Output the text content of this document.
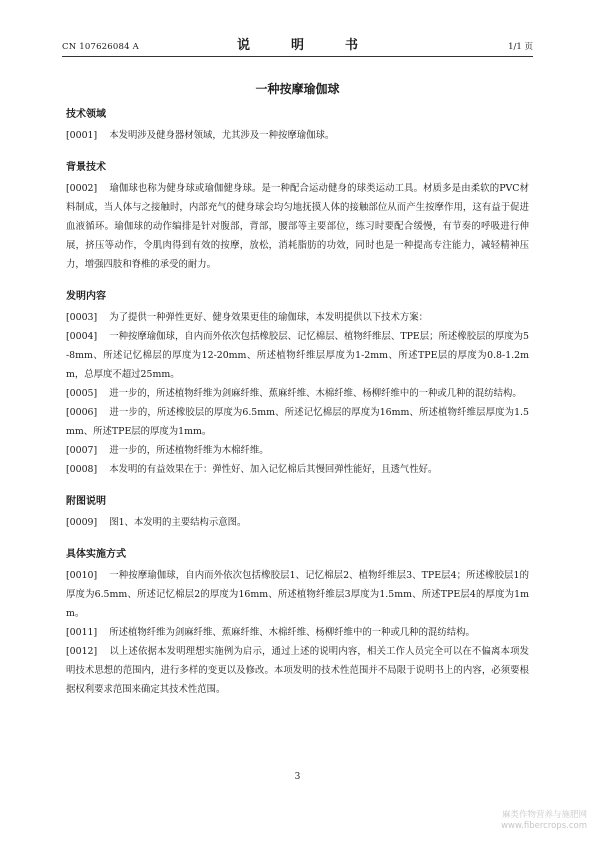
CN 107626084 A	说　明　书	1/1 页
一种按摩瑜伽球
技术领域

[0001] 本发明涉及健身器材领域，尤其涉及一种按摩瑜伽球。

背景技术

[0002] 瑜伽球也称为健身球或瑜伽健身球。是一种配合运动健身的球类运动工具。材质多是由柔软的PVC材料制成，当人体与之接触时，内部充气的健身球会均匀地抚摸人体的接触部位从而产生按摩作用，这有益于促进血液循环。瑜伽球的动作编排是针对腹部，背部，腰部等主要部位，练习时要配合缓慢，有节奏的呼吸进行伸展，挤压等动作，令肌肉得到有效的按摩，放松，消耗脂肪的功效，同时也是一种提高专注能力，减轻精神压力，增强四肢和脊椎的承受的耐力。

发明内容

[0003] 为了提供一种弹性更好、健身效果更佳的瑜伽球，本发明提供以下技术方案：

[0004] 一种按摩瑜伽球，自内而外依次包括橡胶层、记忆棉层、植物纤维层、TPE层；所述橡胶层的厚度为5-8mm、所述记忆棉层的厚度为12-20mm、所述植物纤维层厚度为1-2mm、所述TPE层的厚度为0.8-1.2mm，总厚度不超过25mm。

[0005] 进一步的，所述植物纤维为剑麻纤维、蕉麻纤维、木棉纤维、杨柳纤维中的一种或几种的混纺结构。

[0006] 进一步的，所述橡胶层的厚度为6.5mm、所述记忆棉层的厚度为16mm、所述植物纤维层厚度为1.5mm、所述TPE层的厚度为1mm。

[0007] 进一步的，所述植物纤维为木棉纤维。

[0008] 本发明的有益效果在于：弹性好、加入记忆棉后其慢回弹性能好，且透气性好。

附图说明

[0009] 图1、本发明的主要结构示意图。

具体实施方式

[0010] 一种按摩瑜伽球，自内而外依次包括橡胶层1、记忆棉层2、植物纤维层3、TPE层4；所述橡胶层1的厚度为6.5mm、所述记忆棉层2的厚度为16mm、所述植物纤维层3厚度为1.5mm、所述TPE层4的厚度为1mm。

[0011] 所述植物纤维为剑麻纤维、蕉麻纤维、木棉纤维、杨柳纤维中的一种或几种的混纺结构。

[0012] 以上述依据本发明理想实施例为启示，通过上述的说明内容，相关工作人员完全可以在不偏离本项发明技术思想的范围内，进行多样的变更以及修改。本项发明的技术性范围并不局限于说明书上的内容，必须要根据权利要求范围来确定其技术性范围。

3
麻类作物营养与施肥网
www.fibercrops.com
